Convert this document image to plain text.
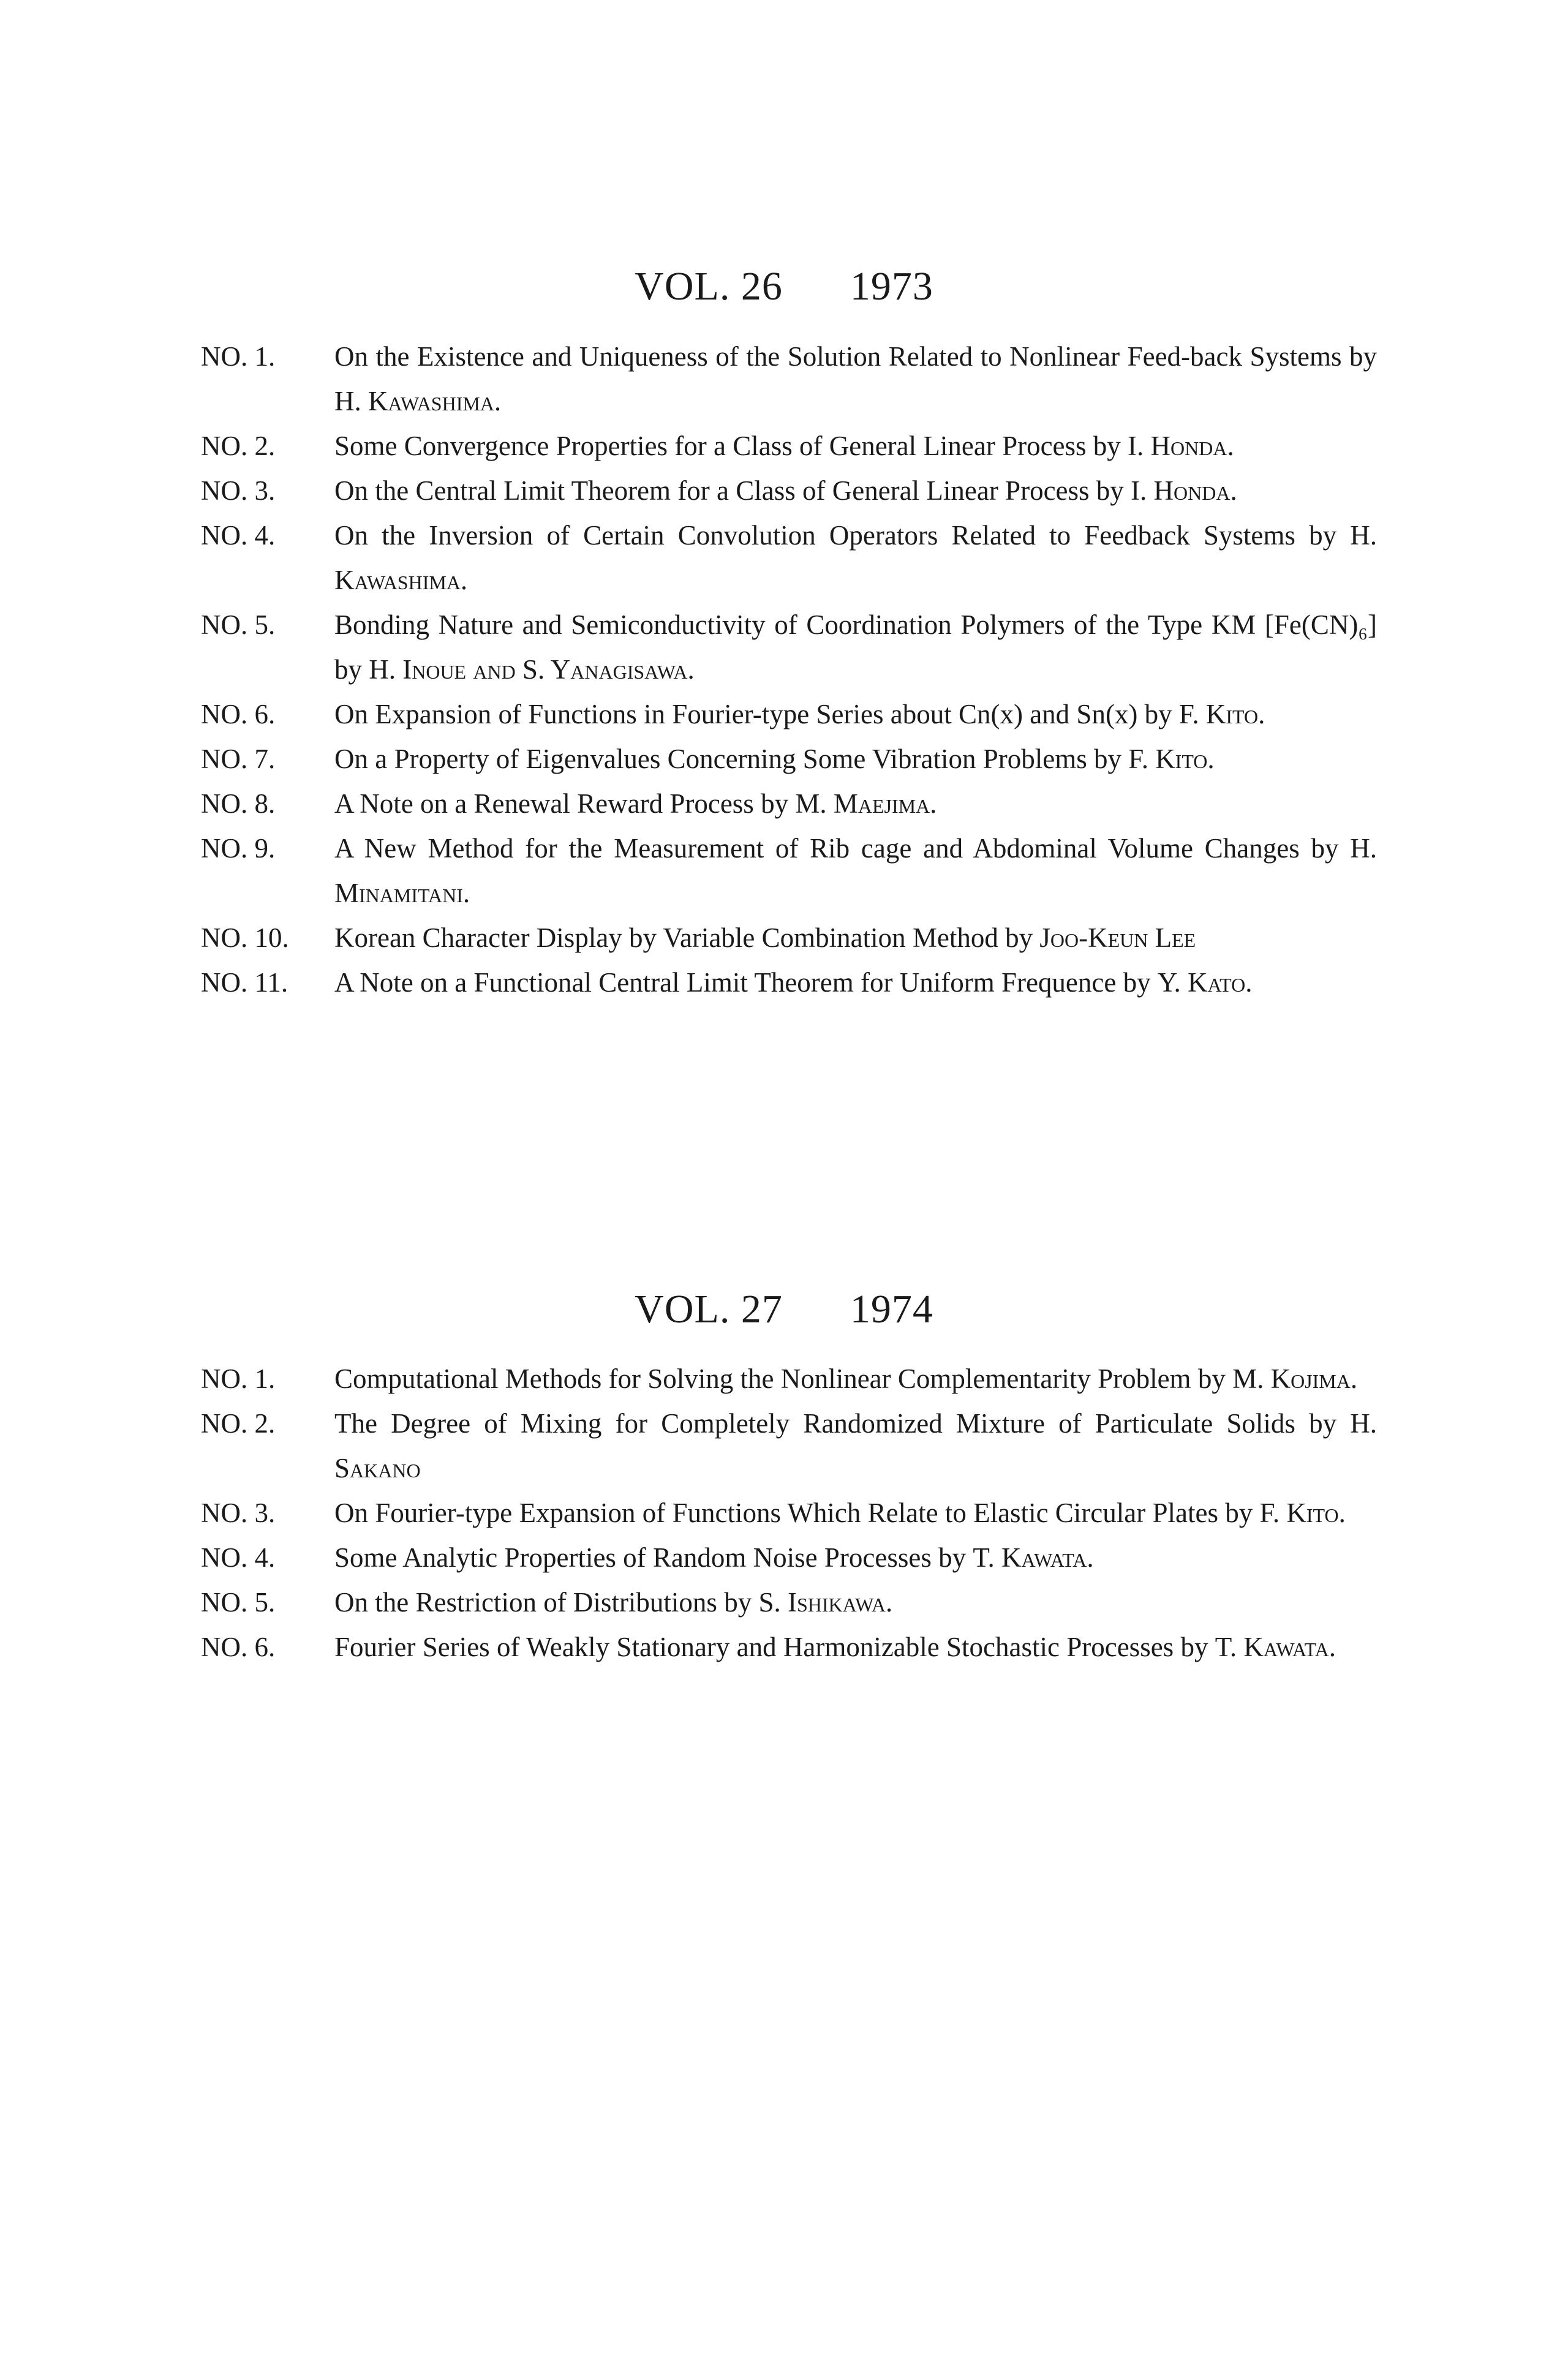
VOL. 26 1973
NO. 1.	On the Existence and Uniqueness of the Solution Related to Nonlinear Feed-back Systems by H. Kawashima.
NO. 2.	Some Convergence Properties for a Class of General Linear Process by I. Honda.
NO. 3.	On the Central Limit Theorem for a Class of General Linear Process by I. Honda.
NO. 4.	On the Inversion of Certain Convolution Operators Related to Feedback Systems by H. Kawashima.
NO. 5.	Bonding Nature and Semiconductivity of Coordination Polymers of the Type KM [Fe(CN)₆] by H. Inoue and S. Yanagisawa.
NO. 6.	On Expansion of Functions in Fourier-type Series about Cn(x) and Sn(x) by F. Kito.
NO. 7.	On a Property of Eigenvalues Concerning Some Vibration Problems by F. Kito.
NO. 8.	A Note on a Renewal Reward Process by M. Maejima.
NO. 9.	A New Method for the Measurement of Rib cage and Abdominal Volume Changes by H. Minamitani.
NO. 10.	Korean Character Display by Variable Combination Method by Joo-Keun Lee
NO. 11.	A Note on a Functional Central Limit Theorem for Uniform Frequence by Y. Kato.
VOL. 27 1974
NO. 1.	Computational Methods for Solving the Nonlinear Complementarity Problem by M. Kojima.
NO. 2.	The Degree of Mixing for Completely Randomized Mixture of Particulate Solids by H. Sakano
NO. 3.	On Fourier-type Expansion of Functions Which Relate to Elastic Circular Plates by F. Kito.
NO. 4.	Some Analytic Properties of Random Noise Processes by T. Kawata.
NO. 5.	On the Restriction of Distributions by S. Ishikawa.
NO. 6.	Fourier Series of Weakly Stationary and Harmonizable Stochastic Processes by T. Kawata.
